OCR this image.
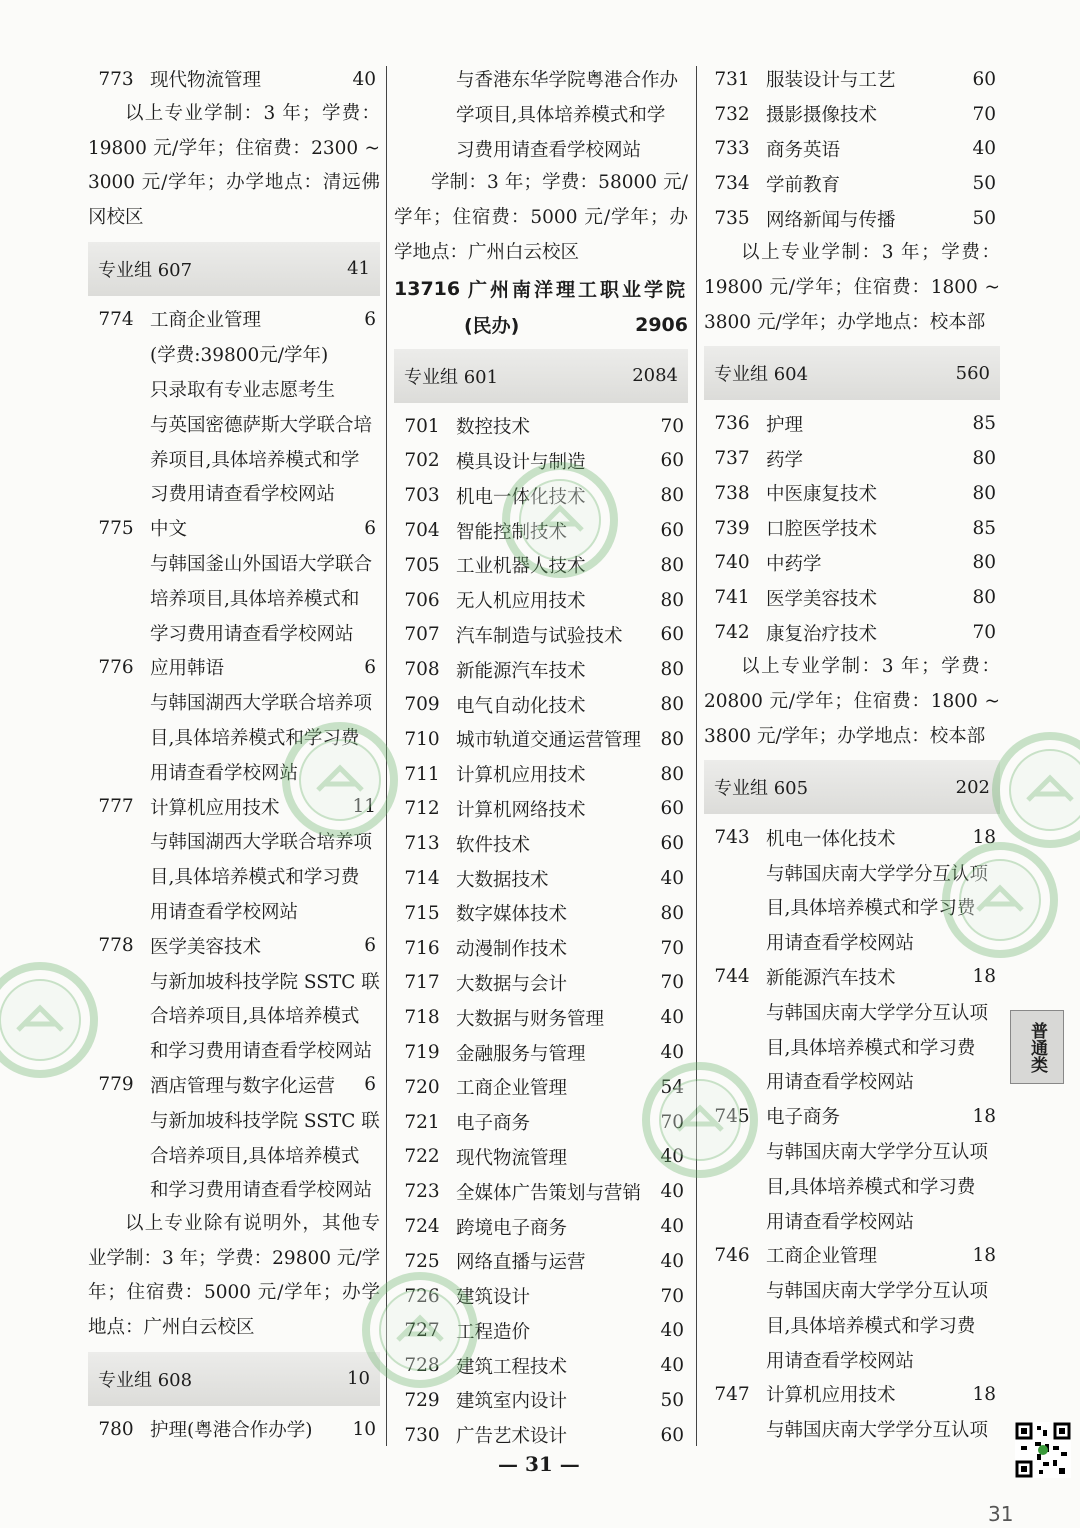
773 现代物流管理	40
以上专业学制：3 年；学费：
19800 元/学年；住宿费：2300 ~
3000 元/学年；办学地点：清远佛
冈校区
专业组 607	41
774 工商企业管理	6
(学费:39800元/学年)
只录取有专业志愿考生
与英国密德萨斯大学联合培
养项目,具体培养模式和学
习费用请查看学校网站
775 中文	6
与韩国釜山外国语大学联合
培养项目,具体培养模式和
学习费用请查看学校网站
776 应用韩语	6
与韩国湖西大学联合培养项
目,具体培养模式和学习费
用请查看学校网站
777 计算机应用技术	11
与韩国湖西大学联合培养项
目,具体培养模式和学习费
用请查看学校网站
778 医学美容技术	6
与新加坡科技学院 SSTC 联
合培养项目,具体培养模式
和学习费用请查看学校网站
779 酒店管理与数字化运营	6
与新加坡科技学院 SSTC 联
合培养项目,具体培养模式
和学习费用请查看学校网站
以上专业除有说明外，其他专
业学制：3 年；学费：29800 元/学
年；住宿费：5000 元/学年；办学
地点：广州白云校区
专业组 608	10
780 护理(粤港合作办学)	10
与香港东华学院粤港合作办
学项目,具体培养模式和学
习费用请查看学校网站
学制：3 年；学费：58000 元/
学年；住宿费：5000 元/学年；办
学地点：广州白云校区
13716 广州南洋理工职业学院
(民办)	2906
专业组 601	2084
701 数控技术	70
702 模具设计与制造	60
703 机电一体化技术	80
704 智能控制技术	60
705 工业机器人技术	80
706 无人机应用技术	80
707 汽车制造与试验技术	60
708 新能源汽车技术	80
709 电气自动化技术	80
710 城市轨道交通运营管理	80
711 计算机应用技术	80
712 计算机网络技术	60
713 软件技术	60
714 大数据技术	40
715 数字媒体技术	80
716 动漫制作技术	70
717 大数据与会计	70
718 大数据与财务管理	40
719 金融服务与管理	40
720 工商企业管理	54
721 电子商务	70
722 现代物流管理	40
723 全媒体广告策划与营销	40
724 跨境电子商务	40
725 网络直播与运营	40
726 建筑设计	70
727 工程造价	40
728 建筑工程技术	40
729 建筑室内设计	50
730 广告艺术设计	60
731 服装设计与工艺	60
732 摄影摄像技术	70
733 商务英语	40
734 学前教育	50
735 网络新闻与传播	50
以上专业学制：3 年；学费：
19800 元/学年；住宿费：1800 ~
3800 元/学年；办学地点：校本部
专业组 604	560
736 护理	85
737 药学	80
738 中医康复技术	80
739 口腔医学技术	85
740 中药学	80
741 医学美容技术	80
742 康复治疗技术	70
以上专业学制：3 年；学费：
20800 元/学年；住宿费：1800 ~
3800 元/学年；办学地点：校本部
专业组 605	202
743 机电一体化技术	18
与韩国庆南大学学分互认项
目,具体培养模式和学习费
用请查看学校网站
744 新能源汽车技术	18
与韩国庆南大学学分互认项
目,具体培养模式和学习费
用请查看学校网站
745 电子商务	18
与韩国庆南大学学分互认项
目,具体培养模式和学习费
用请查看学校网站
746 工商企业管理	18
与韩国庆南大学学分互认项
目,具体培养模式和学习费
用请查看学校网站
747 计算机应用技术	18
与韩国庆南大学学分互认项
— 31 —
普通类
31
